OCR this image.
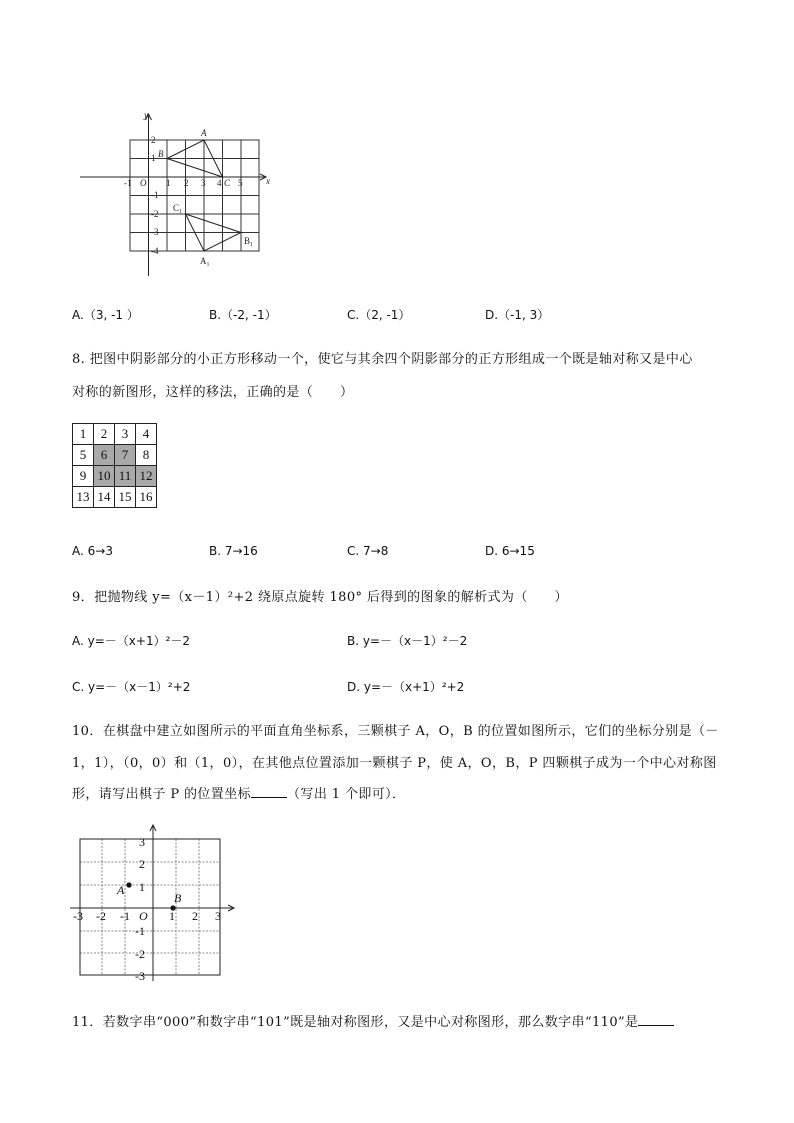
y
x
O
A
B
C
-1	1 2 3 4 5
2
1
-1
-2
-3
-4
C₁
B₁
A₁
A.（3, -1 ）	B.（-2, -1）	C.（2, -1）	D.（-1, 3）
8. 把图中阴影部分的小正方形移动一个，使它与其余四个阴影部分的正方形组成一个既是轴对称又是中心
对称的新图形，这样的移法，正确的是（　　）
1	2	3	4
5	6	7	8
9	10	11	12
13	14	15	16
A. 6→3	B. 7→16	C. 7→8	D. 6→15
9．把抛物线 y=（x－1）²+2 绕原点旋转 180° 后得到的图象的解析式为（　　）
A. y=－（x+1）²－2	B. y=－（x－1）²－2
C. y=－（x－1）²+2	D. y=－（x+1）²+2
10．在棋盘中建立如图所示的平面直角坐标系，三颗棋子 A，O，B 的位置如图所示，它们的坐标分别是（－
1，1），（0，0）和（1，0），在其他点位置添加一颗棋子 P，使 A，O，B，P 四颗棋子成为一个中心对称图
形，请写出棋子 P 的位置坐标	（写出 1 个即可）．
A
B
O
-3 -2 -1	1 2 3
3
2
1
-1
-2
-3
11．若数字串“000”和数字串“101”既是轴对称图形，又是中心对称图形，那么数字串“110”是
